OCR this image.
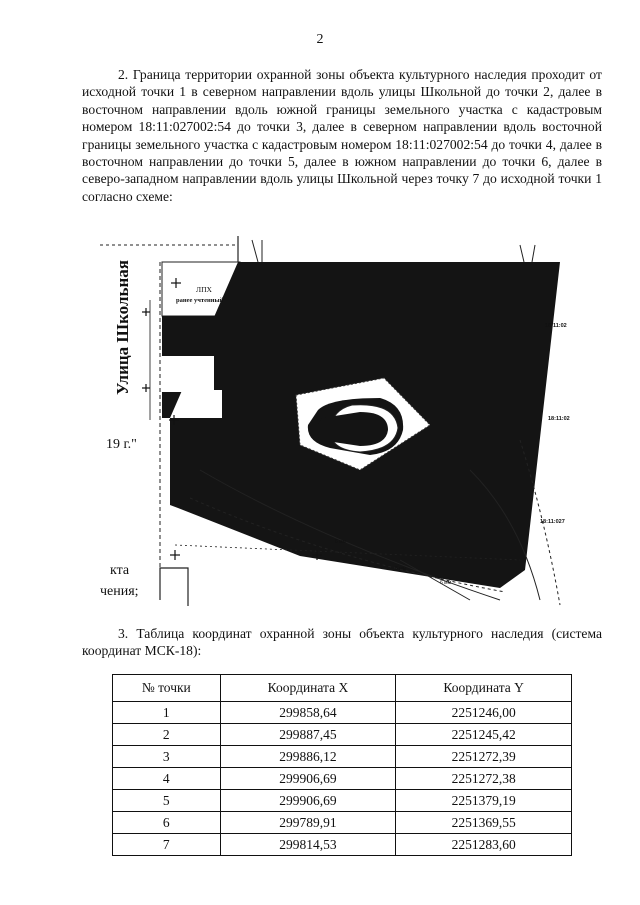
2

2. Граница территории охранной зоны объекта культурного наследия проходит от исходной точки 1 в северном направлении вдоль улицы Школьной до точки 2, далее в восточном направлении вдоль южной границы земельного участка с кадастровым номером 18:11:027002:54 до точки 3, далее в северном направлении вдоль восточной границы земельного участка с кадастровым номером 18:11:027002:54 до точки 4, далее в восточном направлении до точки 5, далее в южном направлении до точки 6, далее в северо-западном направлении вдоль улицы Школьной через точку 7 до исходной точки 1 согласно схеме:

18:11:02
18:11:02
18:11:027
6 мм
6 мм
6 мм
ЛПХ
ранее учтенный
19 г."
кта
чения;
Улица Школьная

3. Таблица координат охранной зоны объекта культурного наследия (система координат МСК-18):

№ точки	Координата X	Координата Y
1	299858,64	2251246,00
2	299887,45	2251245,42
3	299886,12	2251272,39
4	299906,69	2251272,38
5	299906,69	2251379,19
6	299789,91	2251369,55
7	299814,53	2251283,60
